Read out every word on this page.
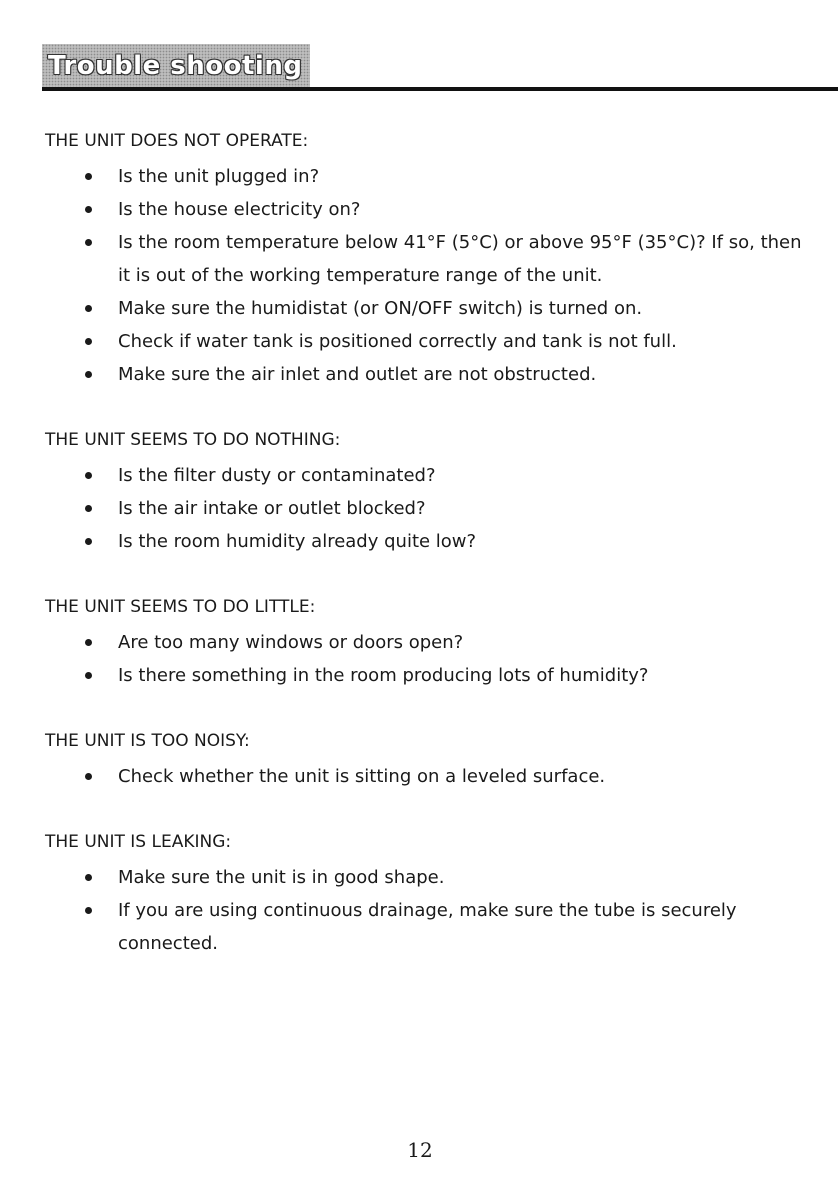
Trouble shooting
THE UNIT DOES NOT OPERATE:
Is the unit plugged in?
Is the house electricity on?
Is the room temperature below 41°F (5°C) or above 95°F (35°C)? If so, then it is out of the working temperature range of the unit.
Make sure the humidistat (or ON/OFF switch) is turned on.
Check if water tank is positioned correctly and tank is not full.
Make sure the air inlet and outlet are not obstructed.
THE UNIT SEEMS TO DO NOTHING:
Is the filter dusty or contaminated?
Is the air intake or outlet blocked?
Is the room humidity already quite low?
THE UNIT SEEMS TO DO LITTLE:
Are too many windows or doors open?
Is there something in the room producing lots of humidity?
THE UNIT IS TOO NOISY:
Check whether the unit is sitting on a leveled surface.
THE UNIT IS LEAKING:
Make sure the unit is in good shape.
If you are using continuous drainage, make sure the tube is securely connected.
12
